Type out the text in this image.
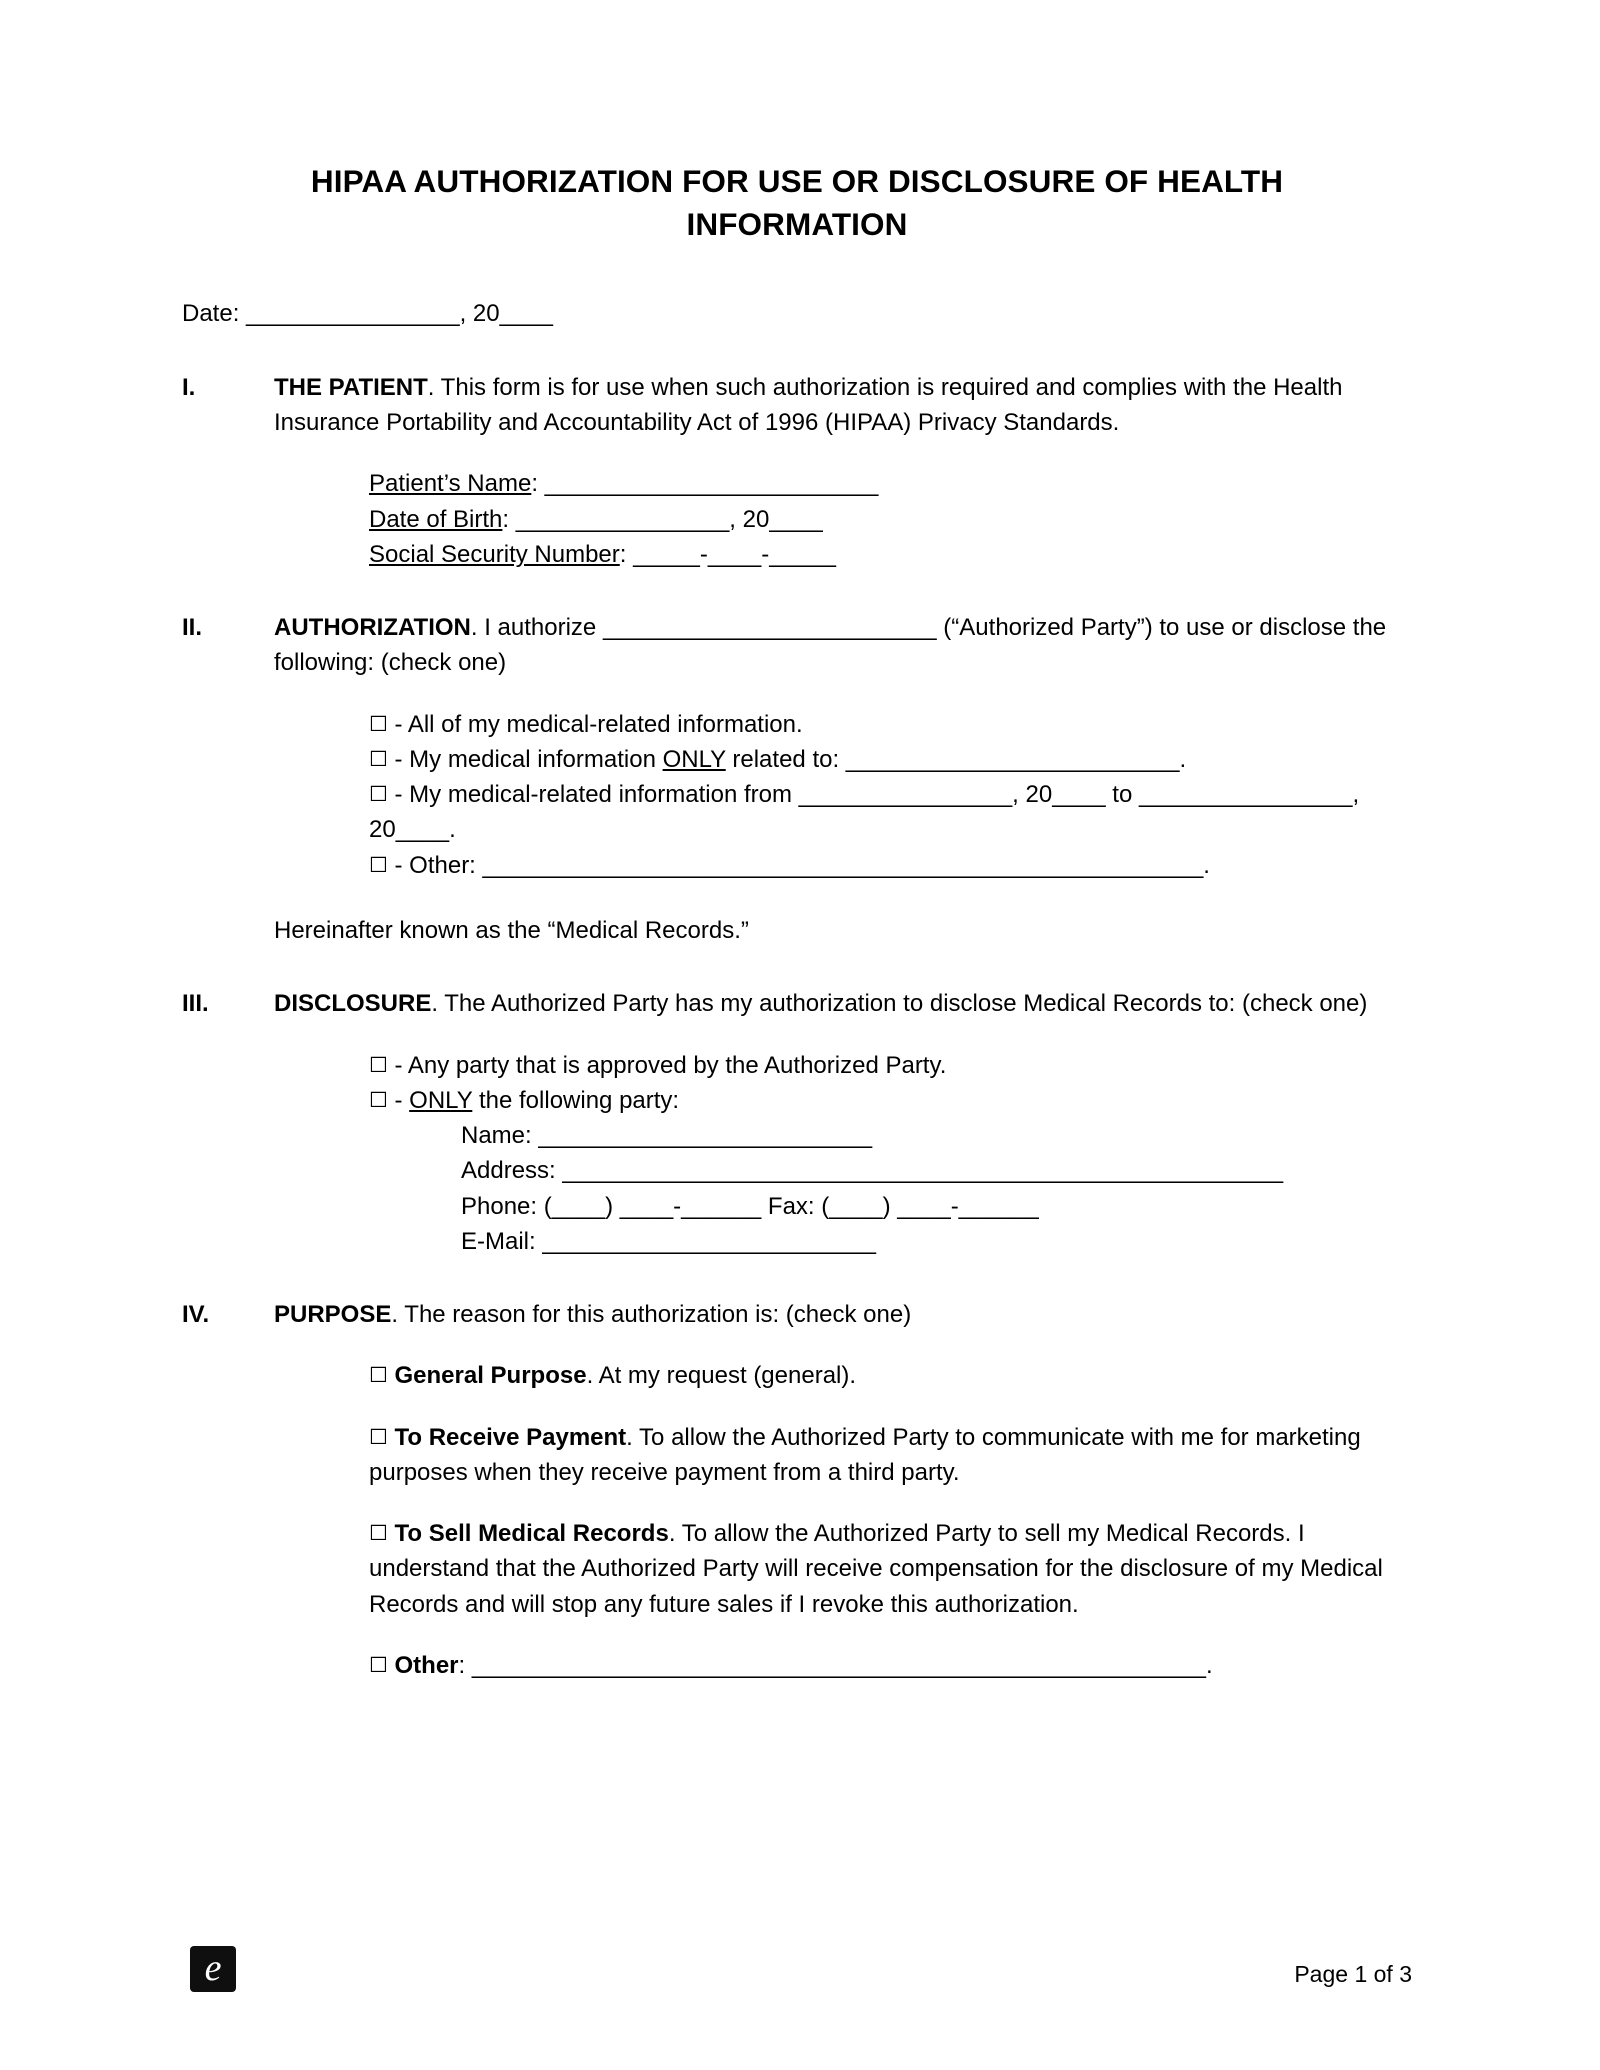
HIPAA AUTHORIZATION FOR USE OR DISCLOSURE OF HEALTH INFORMATION
Date: ________________, 20____
I.	THE PATIENT. This form is for use when such authorization is required and complies with the Health Insurance Portability and Accountability Act of 1996 (HIPAA) Privacy Standards.
Patient’s Name: _________________________
Date of Birth: ________________, 20____
Social Security Number: _____-____-_____
II.	AUTHORIZATION. I authorize _________________________ (“Authorized Party”) to use or disclose the following: (check one)
☐ - All of my medical-related information.
☐ - My medical information ONLY related to: _________________________.
☐ - My medical-related information from ________________, 20____ to ________________, 20____.
☐ - Other: ______________________________________________________.
Hereinafter known as the “Medical Records.”
III.	DISCLOSURE. The Authorized Party has my authorization to disclose Medical Records to: (check one)
☐ - Any party that is approved by the Authorized Party.
☐ - ONLY the following party:
Name: _________________________
Address: ______________________________________________________
Phone: (____) ____-______ Fax: (____) ____-______
E-Mail: _________________________
IV.	PURPOSE. The reason for this authorization is: (check one)
☐ General Purpose. At my request (general).
☐ To Receive Payment. To allow the Authorized Party to communicate with me for marketing purposes when they receive payment from a third party.
☐ To Sell Medical Records. To allow the Authorized Party to sell my Medical Records. I understand that the Authorized Party will receive compensation for the disclosure of my Medical Records and will stop any future sales if I revoke this authorization.
☐ Other: _______________________________________________________.
e	Page 1 of 3
